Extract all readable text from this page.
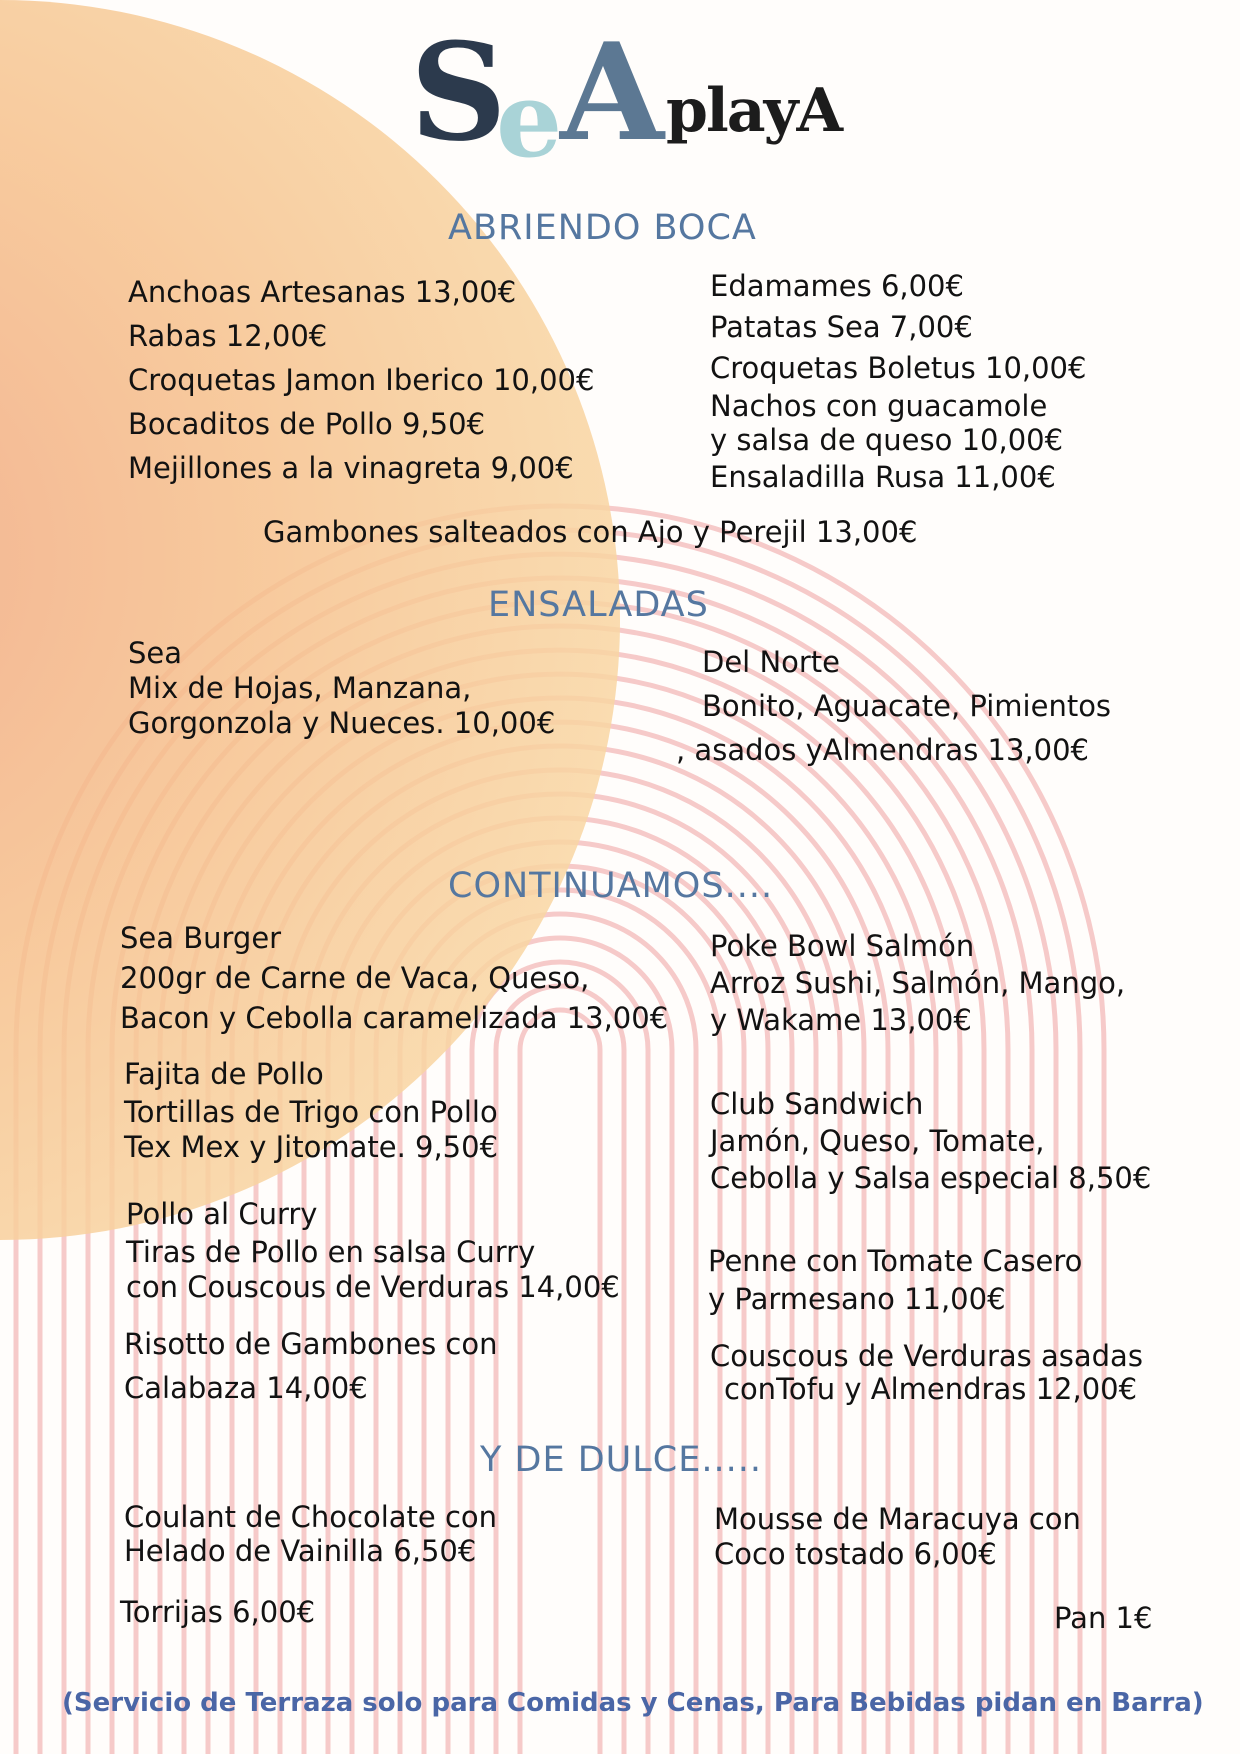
S
e A playA
ABRIENDO BOCA
Anchoas Artesanas 13,00€
Rabas 12,00€
Croquetas Jamon Iberico 10,00€
Bocaditos de Pollo 9,50€
Mejillones a la vinagreta 9,00€
Edamames 6,00€
Patatas Sea 7,00€
Croquetas Boletus 10,00€
Nachos con guacamole
y salsa de queso 10,00€
Ensaladilla Rusa 11,00€
Gambones salteados con Ajo y Perejil 13,00€
ENSALADAS
Sea
Mix de Hojas, Manzana,
Gorgonzola y Nueces. 10,00€
Del Norte
Bonito, Aguacate, Pimientos
, asados yAlmendras 13,00€
CONTINUAMOS....
Sea Burger
200gr de Carne de Vaca, Queso,
Bacon y Cebolla caramelizada 13,00€
Fajita de Pollo
Tortillas de Trigo con Pollo
Tex Mex y Jitomate. 9,50€
Pollo al Curry
Tiras de Pollo en salsa Curry
con Couscous de Verduras 14,00€
Risotto de Gambones con
Calabaza 14,00€
Poke Bowl Salmón
Arroz Sushi, Salmón, Mango,
y Wakame 13,00€
Club Sandwich
Jamón, Queso, Tomate,
Cebolla y Salsa especial 8,50€
Penne con Tomate Casero
y Parmesano 11,00€
Couscous de Verduras asadas
conTofu y Almendras 12,00€
Y DE DULCE.....
Coulant de Chocolate con
Helado de Vainilla 6,50€
Mousse de Maracuya con
Coco tostado 6,00€
Torrijas 6,00€	Pan 1€
(Servicio de Terraza solo para Comidas y Cenas, Para Bebidas pidan en Barra)
